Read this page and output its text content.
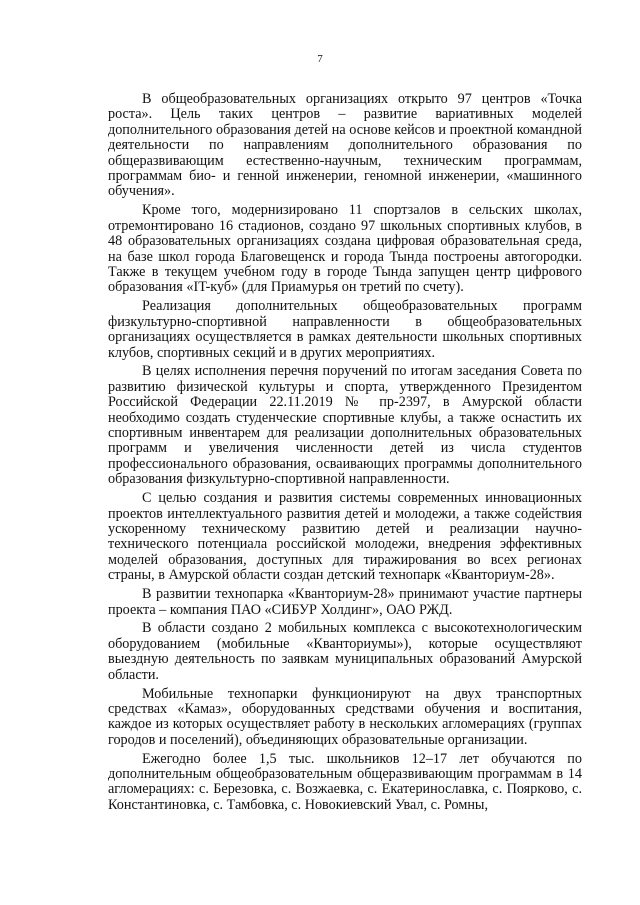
7

В общеобразовательных организациях открыто 97 центров «Точка роста». Цель таких центров – развитие вариативных моделей дополнительного образования детей на основе кейсов и проектной командной деятельности по направлениям дополнительного образования по общеразвивающим естественно-научным, техническим программам, программам био- и генной инженерии, геномной инженерии, «машинного обучения».

Кроме того, модернизировано 11 спортзалов в сельских школах, отремонтировано 16 стадионов, создано 97 школьных спортивных клубов, в 48 образовательных организациях создана цифровая образовательная среда, на базе школ города Благовещенск и города Тында построены автогородки. Также в текущем учебном году в городе Тында запущен центр цифрового образования «IT-куб» (для Приамурья он третий по счету).

Реализация дополнительных общеобразовательных программ физкультурно-спортивной направленности в общеобразовательных организациях осуществляется в рамках деятельности школьных спортивных клубов, спортивных секций и в других мероприятиях.

В целях исполнения перечня поручений по итогам заседания Совета по развитию физической культуры и спорта, утвержденного Президентом Российской Федерации 22.11.2019 № пр-2397, в Амурской области необходимо создать студенческие спортивные клубы, а также оснастить их спортивным инвентарем для реализации дополнительных образовательных программ и увеличения численности детей из числа студентов профессионального образования, осваивающих программы дополнительного образования физкультурно-спортивной направленности.

С целью создания и развития системы современных инновационных проектов интеллектуального развития детей и молодежи, а также содействия ускоренному техническому развитию детей и реализации научно-технического потенциала российской молодежи, внедрения эффективных моделей образования, доступных для тиражирования во всех регионах страны, в Амурской области создан детский технопарк «Кванториум-28».

В развитии технопарка «Кванториум-28» принимают участие партнеры проекта – компания ПАО «СИБУР Холдинг», ОАО РЖД.

В области создано 2 мобильных комплекса с высокотехнологическим оборудованием (мобильные «Кванториумы»), которые осуществляют выездную деятельность по заявкам муниципальных образований Амурской области.

Мобильные технопарки функционируют на двух транспортных средствах «Камаз», оборудованных средствами обучения и воспитания, каждое из которых осуществляет работу в нескольких агломерациях (группах городов и поселений), объединяющих образовательные организации.

Ежегодно более 1,5 тыс. школьников 12–17 лет обучаются по дополнительным общеобразовательным общеразвивающим программам в 14 агломерациях: с. Березовка, с. Возжаевка, с. Екатеринославка, с. Поярково, с. Константиновка, с. Тамбовка, с. Новокиевский Увал, с. Ромны,
